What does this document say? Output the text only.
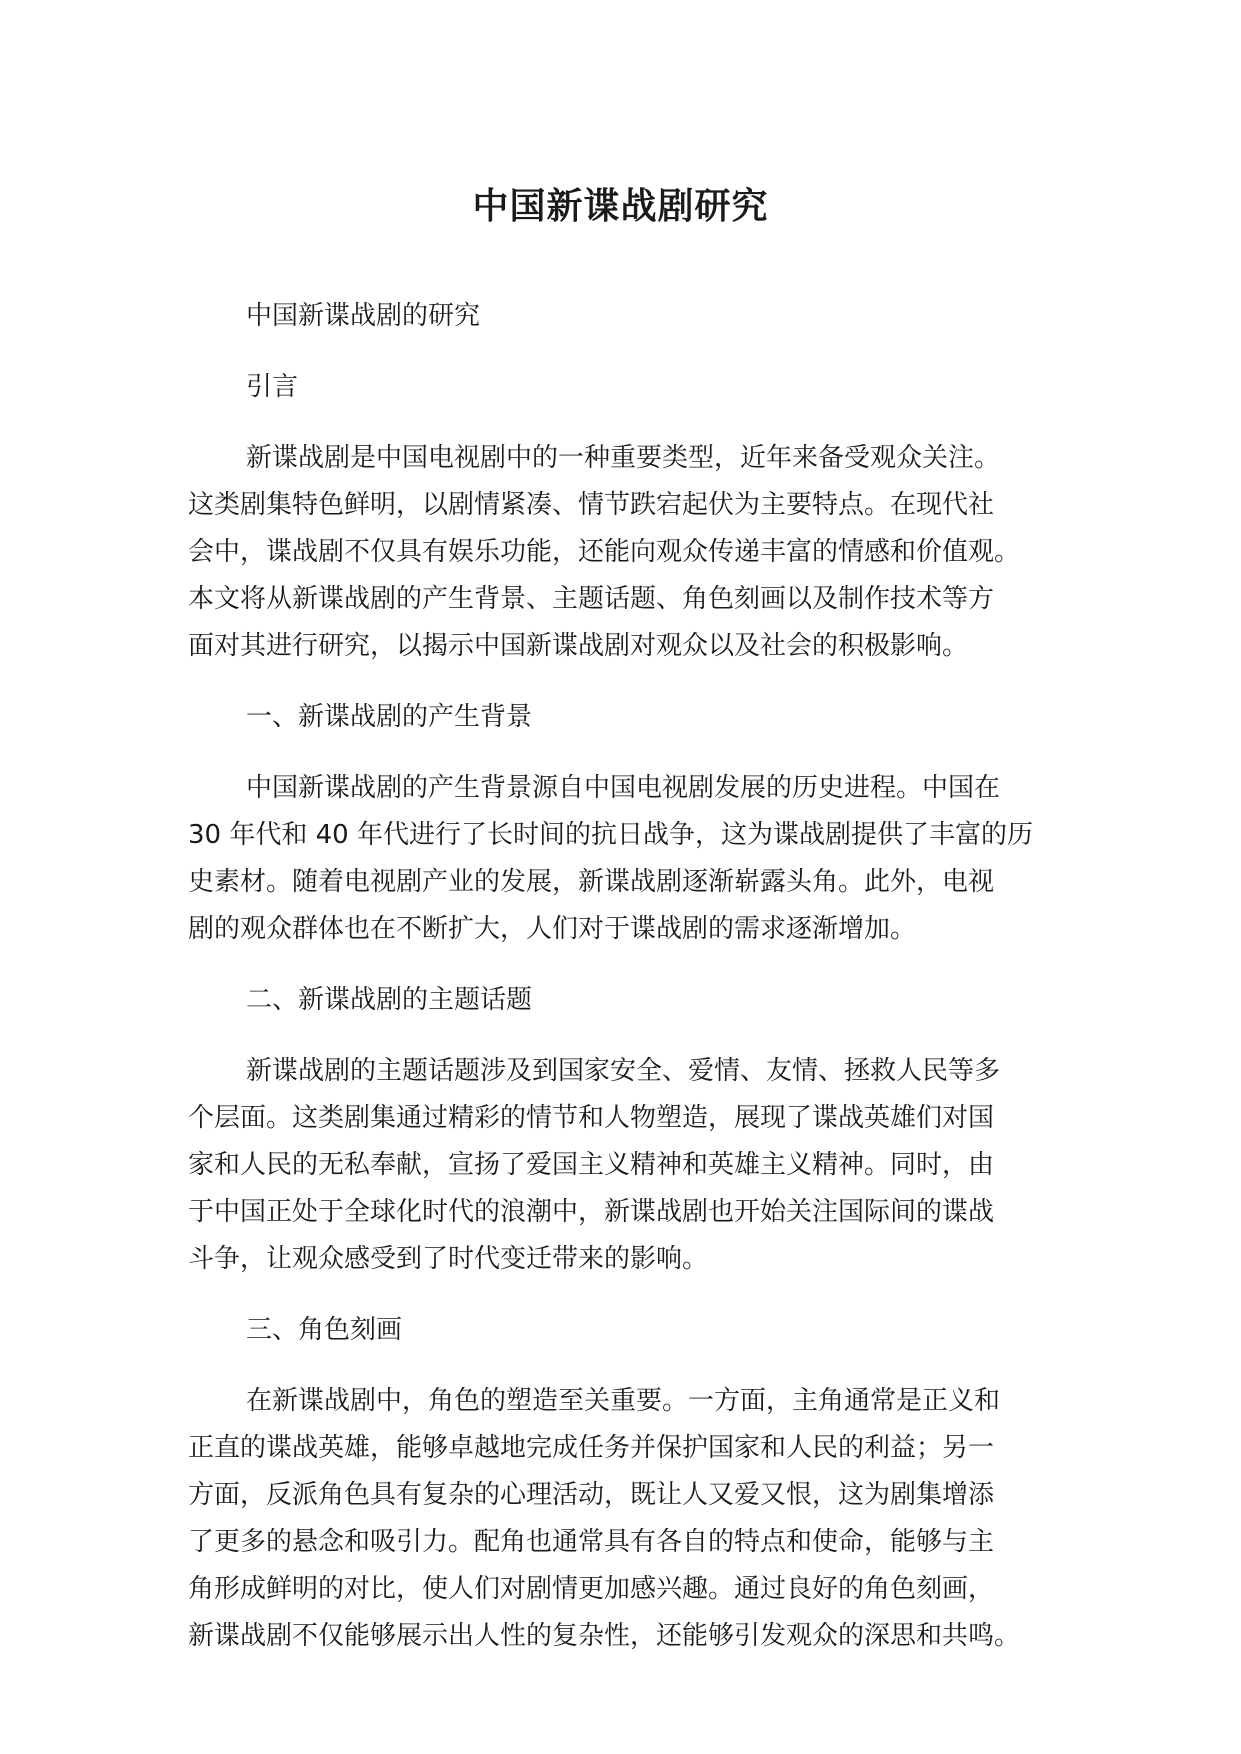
中国新谍战剧研究

中国新谍战剧的研究

引言

新谍战剧是中国电视剧中的一种重要类型，近年来备受观众关注。
这类剧集特色鲜明，以剧情紧凑、情节跌宕起伏为主要特点。在现代社
会中，谍战剧不仅具有娱乐功能，还能向观众传递丰富的情感和价值观。
本文将从新谍战剧的产生背景、主题话题、角色刻画以及制作技术等方
面对其进行研究，以揭示中国新谍战剧对观众以及社会的积极影响。

一、新谍战剧的产生背景

中国新谍战剧的产生背景源自中国电视剧发展的历史进程。中国在
30 年代和 40 年代进行了长时间的抗日战争，这为谍战剧提供了丰富的历
史素材。随着电视剧产业的发展，新谍战剧逐渐崭露头角。此外，电视
剧的观众群体也在不断扩大，人们对于谍战剧的需求逐渐增加。

二、新谍战剧的主题话题

新谍战剧的主题话题涉及到国家安全、爱情、友情、拯救人民等多
个层面。这类剧集通过精彩的情节和人物塑造，展现了谍战英雄们对国
家和人民的无私奉献，宣扬了爱国主义精神和英雄主义精神。同时，由
于中国正处于全球化时代的浪潮中，新谍战剧也开始关注国际间的谍战
斗争，让观众感受到了时代变迁带来的影响。

三、角色刻画

在新谍战剧中，角色的塑造至关重要。一方面，主角通常是正义和
正直的谍战英雄，能够卓越地完成任务并保护国家和人民的利益；另一
方面，反派角色具有复杂的心理活动，既让人又爱又恨，这为剧集增添
了更多的悬念和吸引力。配角也通常具有各自的特点和使命，能够与主
角形成鲜明的对比，使人们对剧情更加感兴趣。通过良好的角色刻画，
新谍战剧不仅能够展示出人性的复杂性，还能够引发观众的深思和共鸣。
